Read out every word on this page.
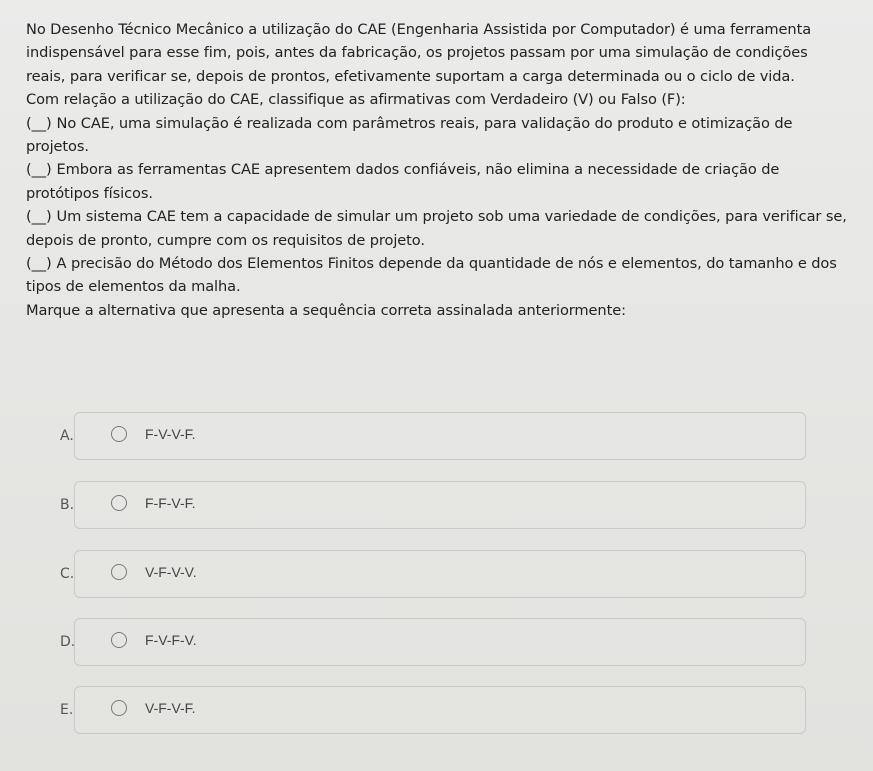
No Desenho Técnico Mecânico a utilização do CAE (Engenharia Assistida por Computador) é uma ferramenta indispensável para esse fim, pois, antes da fabricação, os projetos passam por uma simulação de condições reais, para verificar se, depois de prontos, efetivamente suportam a carga determinada ou o ciclo de vida.

Com relação a utilização do CAE, classifique as afirmativas com Verdadeiro (V) ou Falso (F):

(__) No CAE, uma simulação é realizada com parâmetros reais, para validação do produto e otimização de projetos.

(__) Embora as ferramentas CAE apresentem dados confiáveis, não elimina a necessidade de criação de protótipos físicos.

(__) Um sistema CAE tem a capacidade de simular um projeto sob uma variedade de condições, para verificar se, depois de pronto, cumpre com os requisitos de projeto.

(__) A precisão do Método dos Elementos Finitos depende da quantidade de nós e elementos, do tamanho e dos tipos de elementos da malha.

Marque a alternativa que apresenta a sequência correta assinalada anteriormente:

A.	F-V-V-F.
B.	F-F-V-F.
C.	V-F-V-V.
D.	F-V-F-V.
E.	V-F-V-F.
